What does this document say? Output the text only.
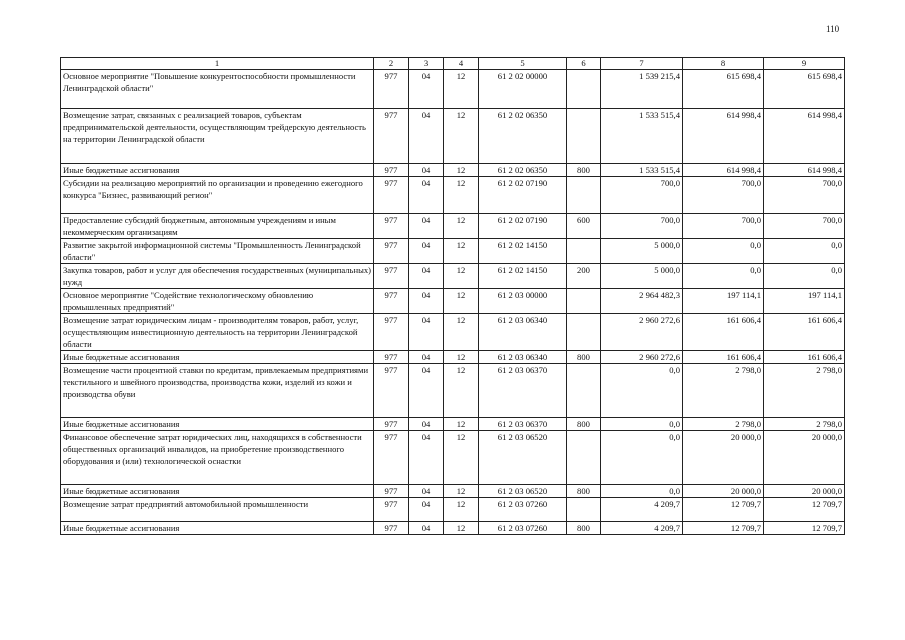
110
1	2	3	4	5	6	7	8	9
Основное мероприятие "Повышение конкурентоспособности промышленности Ленинградской области"	977	04	12	61 2 02 00000		1 539 215,4	615 698,4	615 698,4
Возмещение затрат, связанных с реализацией товаров, субъектам предпринимательской деятельности, осуществляющим трейдерскую деятельность на территории Ленинградской области	977	04	12	61 2 02 06350		1 533 515,4	614 998,4	614 998,4
Иные бюджетные ассигнования	977	04	12	61 2 02 06350	800	1 533 515,4	614 998,4	614 998,4
Субсидии на реализацию мероприятий по организации и проведению ежегодного конкурса "Бизнес, развивающий регион"	977	04	12	61 2 02 07190		700,0	700,0	700,0
Предоставление субсидий бюджетным, автономным учреждениям и иным некоммерческим организациям	977	04	12	61 2 02 07190	600	700,0	700,0	700,0
Развитие закрытой информационной системы "Промышленность Ленинградской области"	977	04	12	61 2 02 14150		5 000,0	0,0	0,0
Закупка товаров, работ и услуг для обеспечения государственных (муниципальных) нужд	977	04	12	61 2 02 14150	200	5 000,0	0,0	0,0
Основное мероприятие "Содействие технологическому обновлению промышленных предприятий"	977	04	12	61 2 03 00000		2 964 482,3	197 114,1	197 114,1
Возмещение затрат юридическим лицам - производителям товаров, работ, услуг, осуществляющим инвестиционную деятельность на территории Ленинградской области	977	04	12	61 2 03 06340		2 960 272,6	161 606,4	161 606,4
Иные бюджетные ассигнования	977	04	12	61 2 03 06340	800	2 960 272,6	161 606,4	161 606,4
Возмещение части процентной ставки по кредитам, привлекаемым предприятиями текстильного и швейного производства, производства кожи, изделий из кожи и производства обуви	977	04	12	61 2 03 06370		0,0	2 798,0	2 798,0
Иные бюджетные ассигнования	977	04	12	61 2 03 06370	800	0,0	2 798,0	2 798,0
Финансовое обеспечение затрат юридических лиц, находящихся в собственности общественных организаций инвалидов, на приобретение производственного оборудования и (или) технологической оснастки	977	04	12	61 2 03 06520		0,0	20 000,0	20 000,0
Иные бюджетные ассигнования	977	04	12	61 2 03 06520	800	0,0	20 000,0	20 000,0
Возмещение затрат предприятий автомобильной промышленности	977	04	12	61 2 03 07260		4 209,7	12 709,7	12 709,7
Иные бюджетные ассигнования	977	04	12	61 2 03 07260	800	4 209,7	12 709,7	12 709,7
